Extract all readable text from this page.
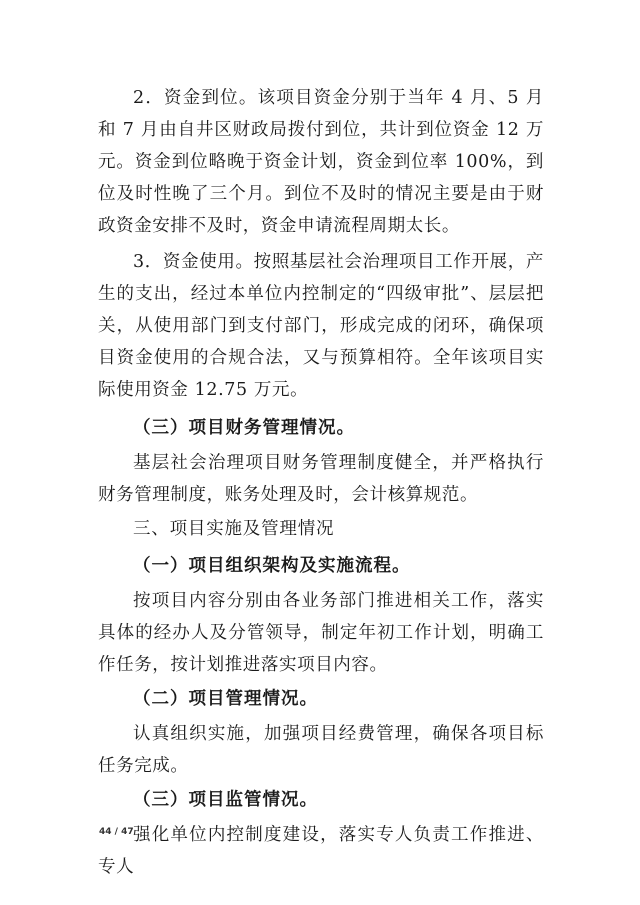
2．资金到位。该项目资金分别于当年 4 月、5 月和 7 月由自井区财政局拨付到位，共计到位资金 12 万元。资金到位略晚于资金计划，资金到位率 100%，到位及时性晚了三个月。到位不及时的情况主要是由于财政资金安排不及时，资金申请流程周期太长。

3．资金使用。按照基层社会治理项目工作开展，产生的支出，经过本单位内控制定的“四级审批”、层层把关，从使用部门到支付部门，形成完成的闭环，确保项目资金使用的合规合法，又与预算相符。全年该项目实际使用资金 12.75 万元。

（三）项目财务管理情况。

基层社会治理项目财务管理制度健全，并严格执行财务管理制度，账务处理及时，会计核算规范。

三、项目实施及管理情况

（一）项目组织架构及实施流程。

按项目内容分别由各业务部门推进相关工作，落实具体的经办人及分管领导，制定年初工作计划，明确工作任务，按计划推进落实项目内容。

（二）项目管理情况。

认真组织实施，加强项目经费管理，确保各项目标任务完成。

（三）项目监管情况。

强化单位内控制度建设，落实专人负责工作推进、专人

44 / 47
